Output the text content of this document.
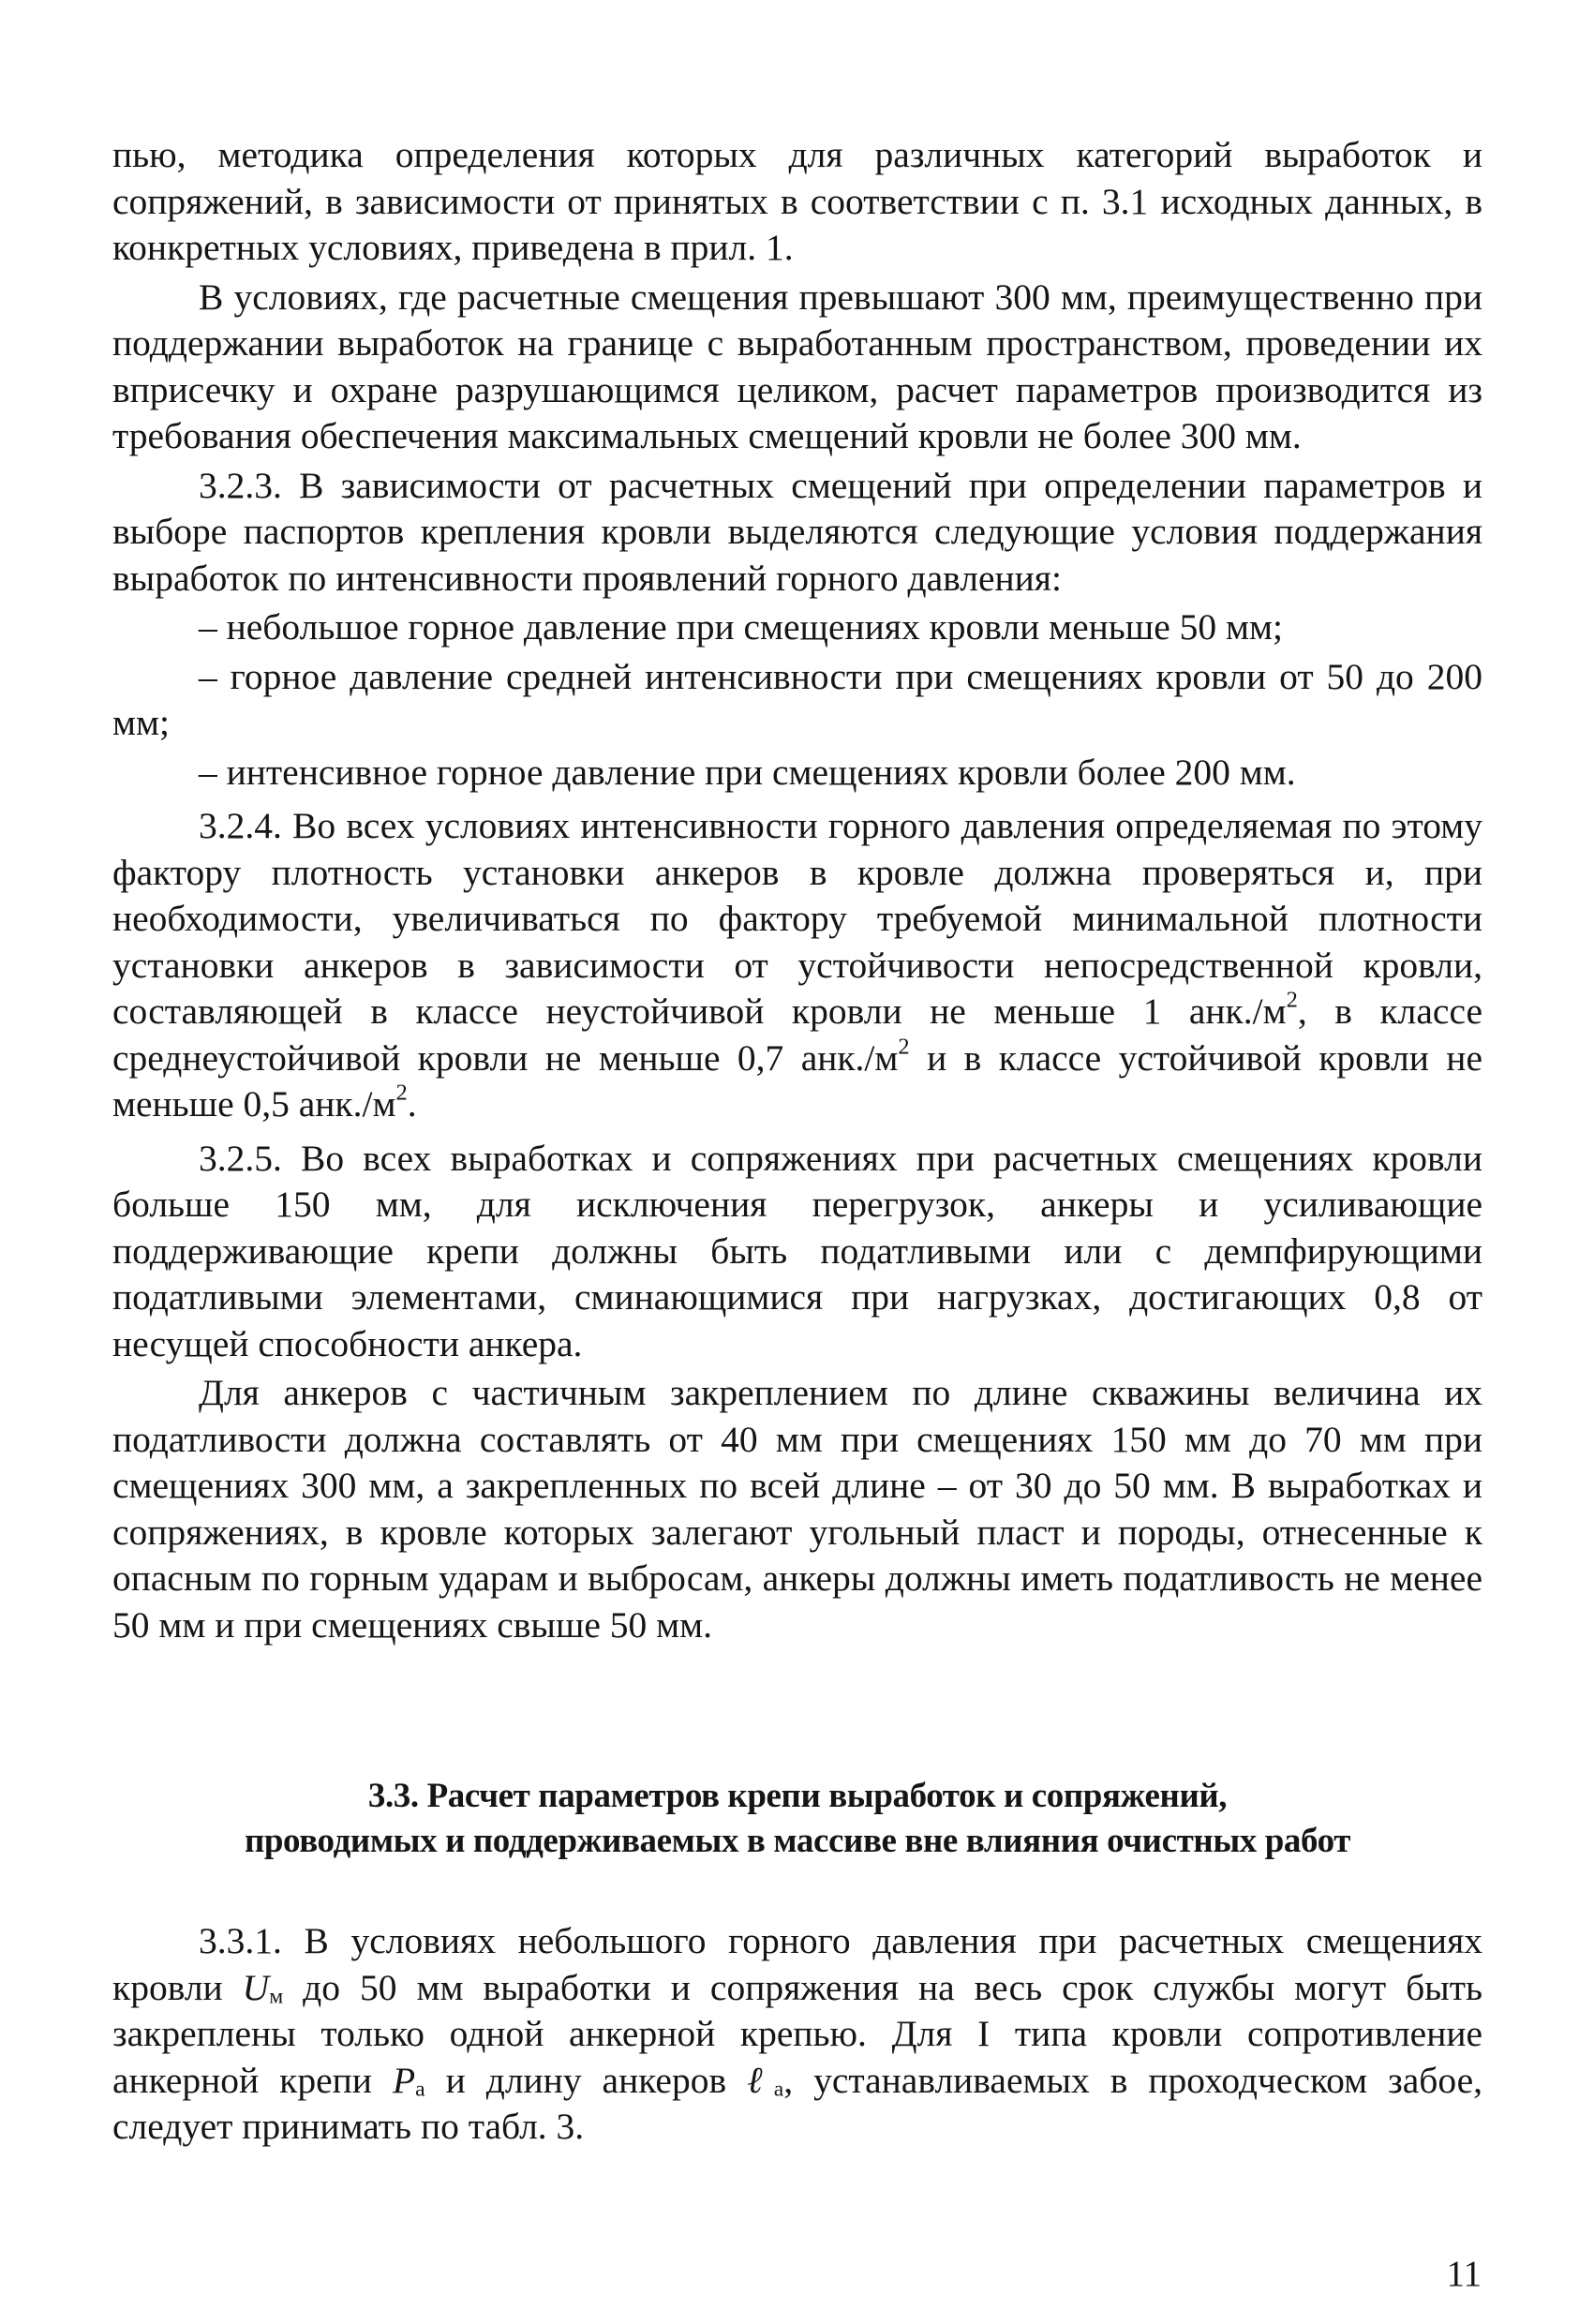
пью, методика определения которых для различных категорий выработок и сопряжений, в зависимости от принятых в соответствии с п. 3.1 исходных данных, в конкретных условиях, приведена в прил. 1.

В условиях, где расчетные смещения превышают 300 мм, преимущественно при поддержании выработок на границе с выработанным пространством, проведении их вприсечку и охране разрушающимся целиком, расчет параметров производится из требования обеспечения максимальных смещений кровли не более 300 мм.

3.2.3. В зависимости от расчетных смещений при определении параметров и выборе паспортов крепления кровли выделяются следующие условия поддержания выработок по интенсивности проявлений горного давления:

– небольшое горное давление при смещениях кровли меньше 50 мм;

– горное давление средней интенсивности при смещениях кровли от 50 до 200 мм;

– интенсивное горное давление при смещениях кровли более 200 мм.

3.2.4. Во всех условиях интенсивности горного давления определяемая по этому фактору плотность установки анкеров в кровле должна проверяться и, при необходимости, увеличиваться по фактору требуемой минимальной плотности установки анкеров в зависимости от устойчивости непосредственной кровли, составляющей в классе неустойчивой кровли не меньше 1 $анк./м^2$, в классе среднеустойчивой кровли не меньше 0,7 $анк./м^2$ и в классе устойчивой кровли не меньше 0,5 $анк./м^2$.

3.2.5. Во всех выработках и сопряжениях при расчетных смещениях кровли больше 150 мм, для исключения перегрузок, анкеры и усиливающие поддерживающие крепи должны быть податливыми или с демпфирующими податливыми элементами, сминающимися при нагрузках, достигающих 0,8 от несущей способности анкера.

Для анкеров с частичным закреплением по длине скважины величина их податливости должна составлять от 40 мм при смещениях 150 мм до 70 мм при смещениях 300 мм, а закрепленных по всей длине – от 30 до 50 мм. В выработках и сопряжениях, в кровле которых залегают угольный пласт и породы, отнесенные к опасным по горным ударам и выбросам, анкеры должны иметь податливость не менее 50 мм и при смещениях свыше 50 мм.

3.3. Расчет параметров крепи выработок и сопряжений,
проводимых и поддерживаемых в массиве вне влияния очистных работ

3.3.1. В условиях небольшого горного давления при расчетных смещениях кровли Uм до 50 мм выработки и сопряжения на весь срок службы могут быть закреплены только одной анкерной крепью. Для I типа кровли сопротивление анкерной крепи Pa и длину анкеров ℓa, устанавливаемых в проходческом забое, следует принимать по табл. 3.

11
